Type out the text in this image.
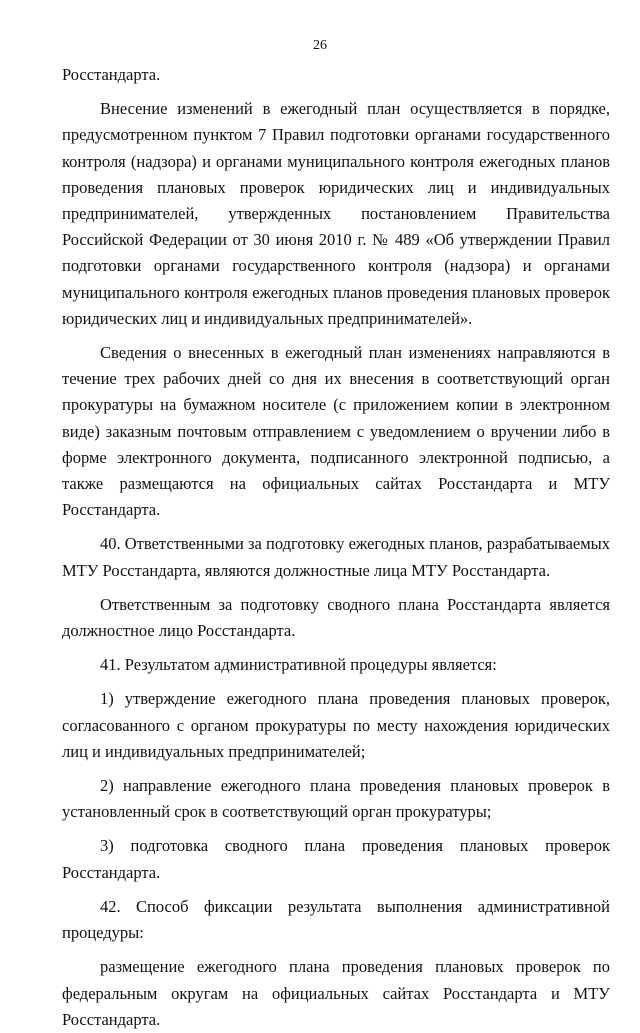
26

Росстандарта.

Внесение изменений в ежегодный план осуществляется в порядке, предусмотренном пунктом 7 Правил подготовки органами государственного контроля (надзора) и органами муниципального контроля ежегодных планов проведения плановых проверок юридических лиц и индивидуальных предпринимателей, утвержденных постановлением Правительства Российской Федерации от 30 июня 2010 г. № 489 «Об утверждении Правил подготовки органами государственного контроля (надзора) и органами муниципального контроля ежегодных планов проведения плановых проверок юридических лиц и индивидуальных предпринимателей».

Сведения о внесенных в ежегодный план изменениях направляются в течение трех рабочих дней со дня их внесения в соответствующий орган прокуратуры на бумажном носителе (с приложением копии в электронном виде) заказным почтовым отправлением с уведомлением о вручении либо в форме электронного документа, подписанного электронной подписью, а также размещаются на официальных сайтах Росстандарта и МТУ Росстандарта.

40. Ответственными за подготовку ежегодных планов, разрабатываемых МТУ Росстандарта, являются должностные лица МТУ Росстандарта.

Ответственным за подготовку сводного плана Росстандарта является должностное лицо Росстандарта.

41. Результатом административной процедуры является:

1) утверждение ежегодного плана проведения плановых проверок, согласованного с органом прокуратуры по месту нахождения юридических лиц и индивидуальных предпринимателей;

2) направление ежегодного плана проведения плановых проверок в установленный срок в соответствующий орган прокуратуры;

3) подготовка сводного плана проведения плановых проверок Росстандарта.

42. Способ фиксации результата выполнения административной процедуры:

размещение ежегодного плана проведения плановых проверок по федеральным округам на официальных сайтах Росстандарта и МТУ Росстандарта.
